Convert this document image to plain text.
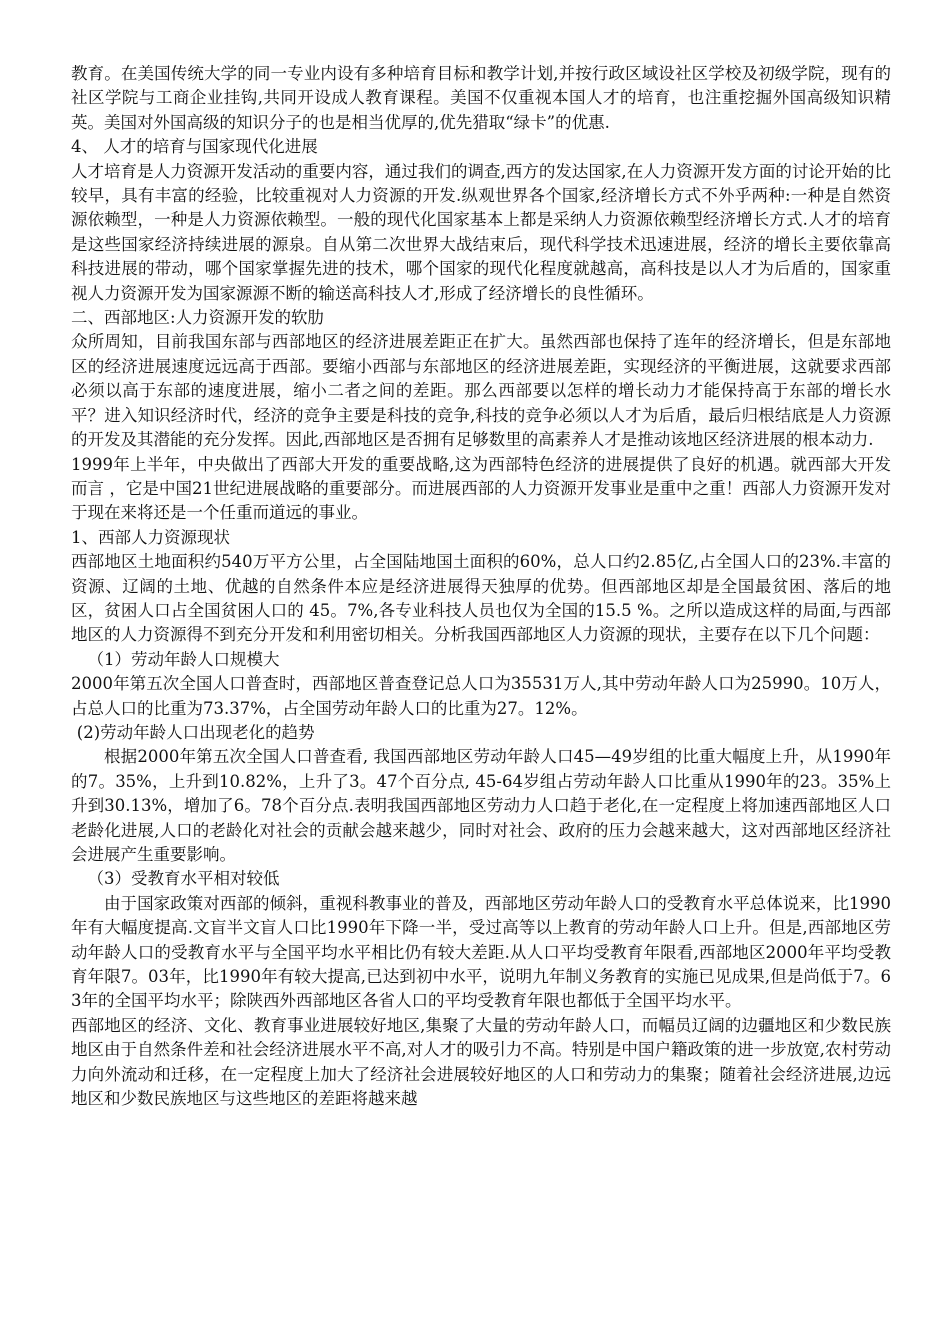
教育。在美国传统大学的同一专业内设有多种培育目标和教学计划,并按行政区域设社区学校及初级学院，现有的社区学院与工商企业挂钩,共同开设成人教育课程。美国不仅重视本国人才的培育，也注重挖掘外国高级知识精英。美国对外国高级的知识分子的也是相当优厚的,优先猎取“绿卡”的优惠.

4、 人才的培育与国家现代化进展

人才培育是人力资源开发活动的重要内容，通过我们的调查,西方的发达国家,在人力资源开发方面的讨论开始的比较早，具有丰富的经验，比较重视对人力资源的开发.纵观世界各个国家,经济增长方式不外乎两种:一种是自然资源依赖型，一种是人力资源依赖型。一般的现代化国家基本上都是采纳人力资源依赖型经济增长方式.人才的培育是这些国家经济持续进展的源泉。自从第二次世界大战结束后，现代科学技术迅速进展，经济的增长主要依靠高科技进展的带动，哪个国家掌握先进的技术，哪个国家的现代化程度就越高，高科技是以人才为后盾的，国家重视人力资源开发为国家源源不断的输送高科技人才,形成了经济增长的良性循环。

二、西部地区:人力资源开发的软肋

众所周知，目前我国东部与西部地区的经济进展差距正在扩大。虽然西部也保持了连年的经济增长，但是东部地区的经济进展速度远远高于西部。要缩小西部与东部地区的经济进展差距，实现经济的平衡进展，这就要求西部必须以高于东部的速度进展，缩小二者之间的差距。那么西部要以怎样的增长动力才能保持高于东部的增长水平？进入知识经济时代，经济的竞争主要是科技的竞争,科技的竞争必须以人才为后盾，最后归根结底是人力资源的开发及其潜能的充分发挥。因此,西部地区是否拥有足够数里的高素养人才是推动该地区经济进展的根本动力.

1999年上半年，中央做出了西部大开发的重要战略,这为西部特色经济的进展提供了良好的机遇。就西部大开发而言 ，它是中国21世纪进展战略的重要部分。而进展西部的人力资源开发事业是重中之重！西部人力资源开发对于现在来将还是一个任重而道远的事业。

1、西部人力资源现状

西部地区土地面积约540万平方公里，占全国陆地国土面积的60%，总人口约2.85亿,占全国人口的23%.丰富的资源、辽阔的土地、优越的自然条件本应是经济进展得天独厚的优势。但西部地区却是全国最贫困、落后的地区，贫困人口占全国贫困人口的 45。7%,各专业科技人员也仅为全国的15.5 %。之所以造成这样的局面,与西部地区的人力资源得不到充分开发和利用密切相关。分析我国西部地区人力资源的现状，主要存在以下几个问题：

（1）劳动年龄人口规模大

2000年第五次全国人口普查时，西部地区普查登记总人口为35531万人,其中劳动年龄人口为25990。10万人，占总人口的比重为73.37%，占全国劳动年龄人口的比重为27。12%。

(2)劳动年龄人口出现老化的趋势

根据2000年第五次全国人口普查看, 我国西部地区劳动年龄人口45—49岁组的比重大幅度上升，从1990年的7。35%，上升到10.82%，上升了3。47个百分点, 45-64岁组占劳动年龄人口比重从1990年的23。35%上升到30.13%，增加了6。78个百分点.表明我国西部地区劳动力人口趋于老化,在一定程度上将加速西部地区人口老龄化进展,人口的老龄化对社会的贡献会越来越少，同时对社会、政府的压力会越来越大，这对西部地区经济社会进展产生重要影响。

（3）受教育水平相对较低

由于国家政策对西部的倾斜，重视科教事业的普及，西部地区劳动年龄人口的受教育水平总体说来，比1990年有大幅度提高.文盲半文盲人口比1990年下降一半，受过高等以上教育的劳动年龄人口上升。但是,西部地区劳动年龄人口的受教育水平与全国平均水平相比仍有较大差距.从人口平均受教育年限看,西部地区2000年平均受教育年限7。03年，比1990年有较大提高,已达到初中水平，说明九年制义务教育的实施已见成果,但是尚低于7。63年的全国平均水平；除陕西外西部地区各省人口的平均受教育年限也都低于全国平均水平。

西部地区的经济、文化、教育事业进展较好地区,集聚了大量的劳动年龄人口，而幅员辽阔的边疆地区和少数民族地区由于自然条件差和社会经济进展水平不高,对人才的吸引力不高。特别是中国户籍政策的进一步放宽,农村劳动力向外流动和迁移，在一定程度上加大了经济社会进展较好地区的人口和劳动力的集聚；随着社会经济进展,边远地区和少数民族地区与这些地区的差距将越来越
